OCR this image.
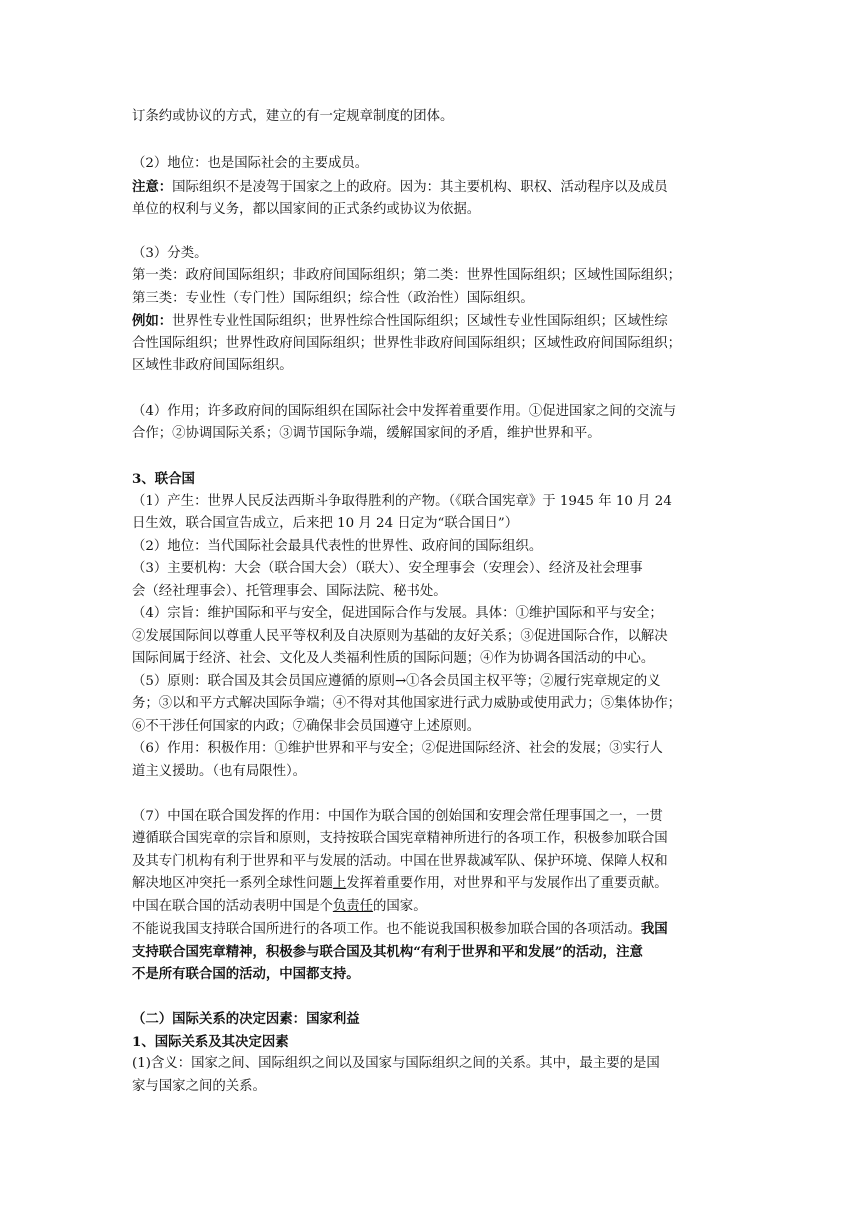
订条约或协议的方式，建立的有一定规章制度的团体。
（2）地位：也是国际社会的主要成员。
注意：国际组织不是凌驾于国家之上的政府。因为：其主要机构、职权、活动程序以及成员
单位的权利与义务，都以国家间的正式条约或协议为依据。
（3）分类。
第一类：政府间国际组织；非政府间国际组织；第二类：世界性国际组织；区域性国际组织；
第三类：专业性（专门性）国际组织；综合性（政治性）国际组织。
例如：世界性专业性国际组织；世界性综合性国际组织；区域性专业性国际组织；区域性综
合性国际组织；世界性政府间国际组织；世界性非政府间国际组织；区域性政府间国际组织；
区域性非政府间国际组织。
（4）作用；许多政府间的国际组织在国际社会中发挥着重要作用。①促进国家之间的交流与
合作；②协调国际关系；③调节国际争端，缓解国家间的矛盾，维护世界和平。
3、联合国
（1）产生：世界人民反法西斯斗争取得胜利的产物。（《联合国宪章》于 1945 年 10 月 24
日生效，联合国宣告成立，后来把 10 月 24 日定为“联合国日”）
（2）地位：当代国际社会最具代表性的世界性、政府间的国际组织。
（3）主要机构：大会（联合国大会）（联大）、安全理事会（安理会）、经济及社会理事
会（经社理事会）、托管理事会、国际法院、秘书处。
（4）宗旨：维护国际和平与安全，促进国际合作与发展。具体：①维护国际和平与安全；
②发展国际间以尊重人民平等权利及自决原则为基础的友好关系；③促进国际合作，以解决
国际间属于经济、社会、文化及人类福利性质的国际问题；④作为协调各国活动的中心。
（5）原则：联合国及其会员国应遵循的原则→①各会员国主权平等；②履行宪章规定的义
务；③以和平方式解决国际争端；④不得对其他国家进行武力威胁或使用武力；⑤集体协作；
⑥不干涉任何国家的内政；⑦确保非会员国遵守上述原则。
（6）作用：积极作用：①维护世界和平与安全；②促进国际经济、社会的发展；③实行人
道主义援助。（也有局限性）。
（7）中国在联合国发挥的作用：中国作为联合国的创始国和安理会常任理事国之一，一贯
遵循联合国宪章的宗旨和原则，支持按联合国宪章精神所进行的各项工作，积极参加联合国
及其专门机构有利于世界和平与发展的活动。中国在世界裁减军队、保护环境、保障人权和
解决地区冲突托一系列全球性问题上发挥着重要作用，对世界和平与发展作出了重要贡献。
中国在联合国的活动表明中国是个负责任的国家。
不能说我国支持联合国所进行的各项工作。也不能说我国积极参加联合国的各项活动。我国
支持联合国宪章精神，积极参与联合国及其机构“有利于世界和平和发展”的活动，注意
不是所有联合国的活动，中国都支持。
（二）国际关系的决定因素：国家利益
1、国际关系及其决定因素
(1)含义：国家之间、国际组织之间以及国家与国际组织之间的关系。其中，最主要的是国
家与国家之间的关系。
